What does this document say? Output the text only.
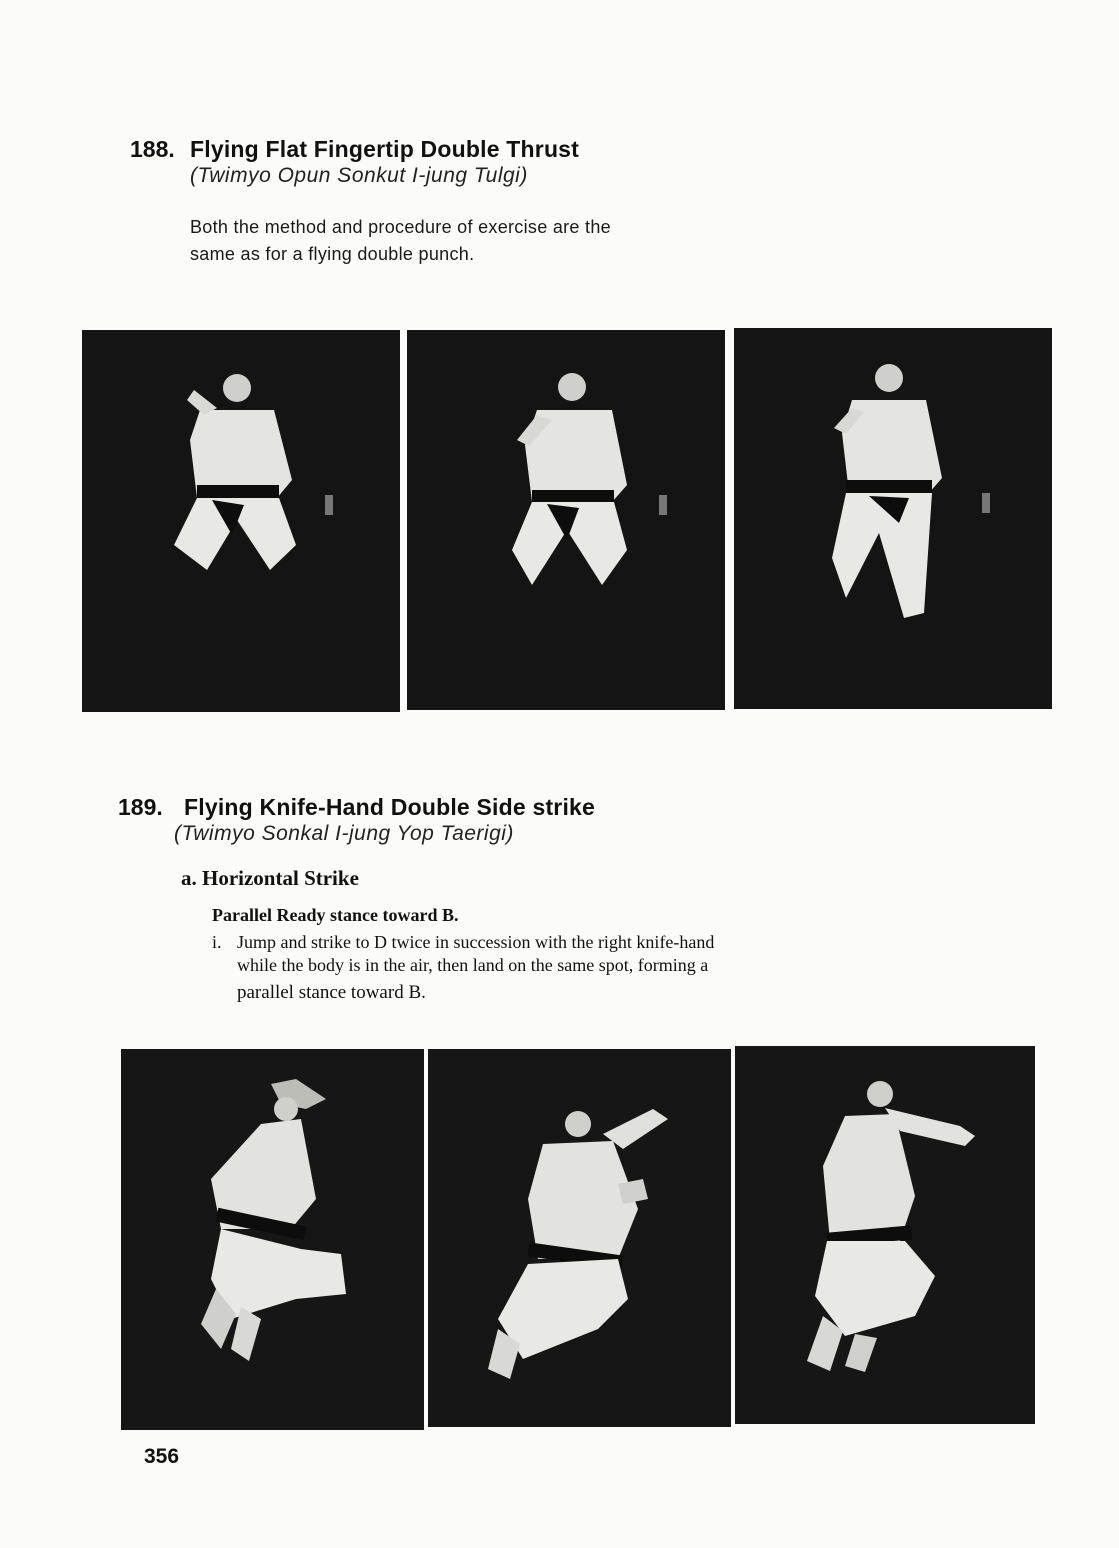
188. Flying Flat Fingertip Double Thrust
(Twimyo Opun Sonkut I-jung Tulgi)
Both the method and procedure of exercise are the
same as for a flying double punch.
189. Flying Knife-Hand Double Side strike
(Twimyo Sonkal I-jung Yop Taerigi)
a. Horizontal Strike
Parallel Ready stance toward B.
i. Jump and strike to D twice in succession with the right knife-hand
while the body is in the air, then land on the same spot, forming a
parallel stance toward B.
356
